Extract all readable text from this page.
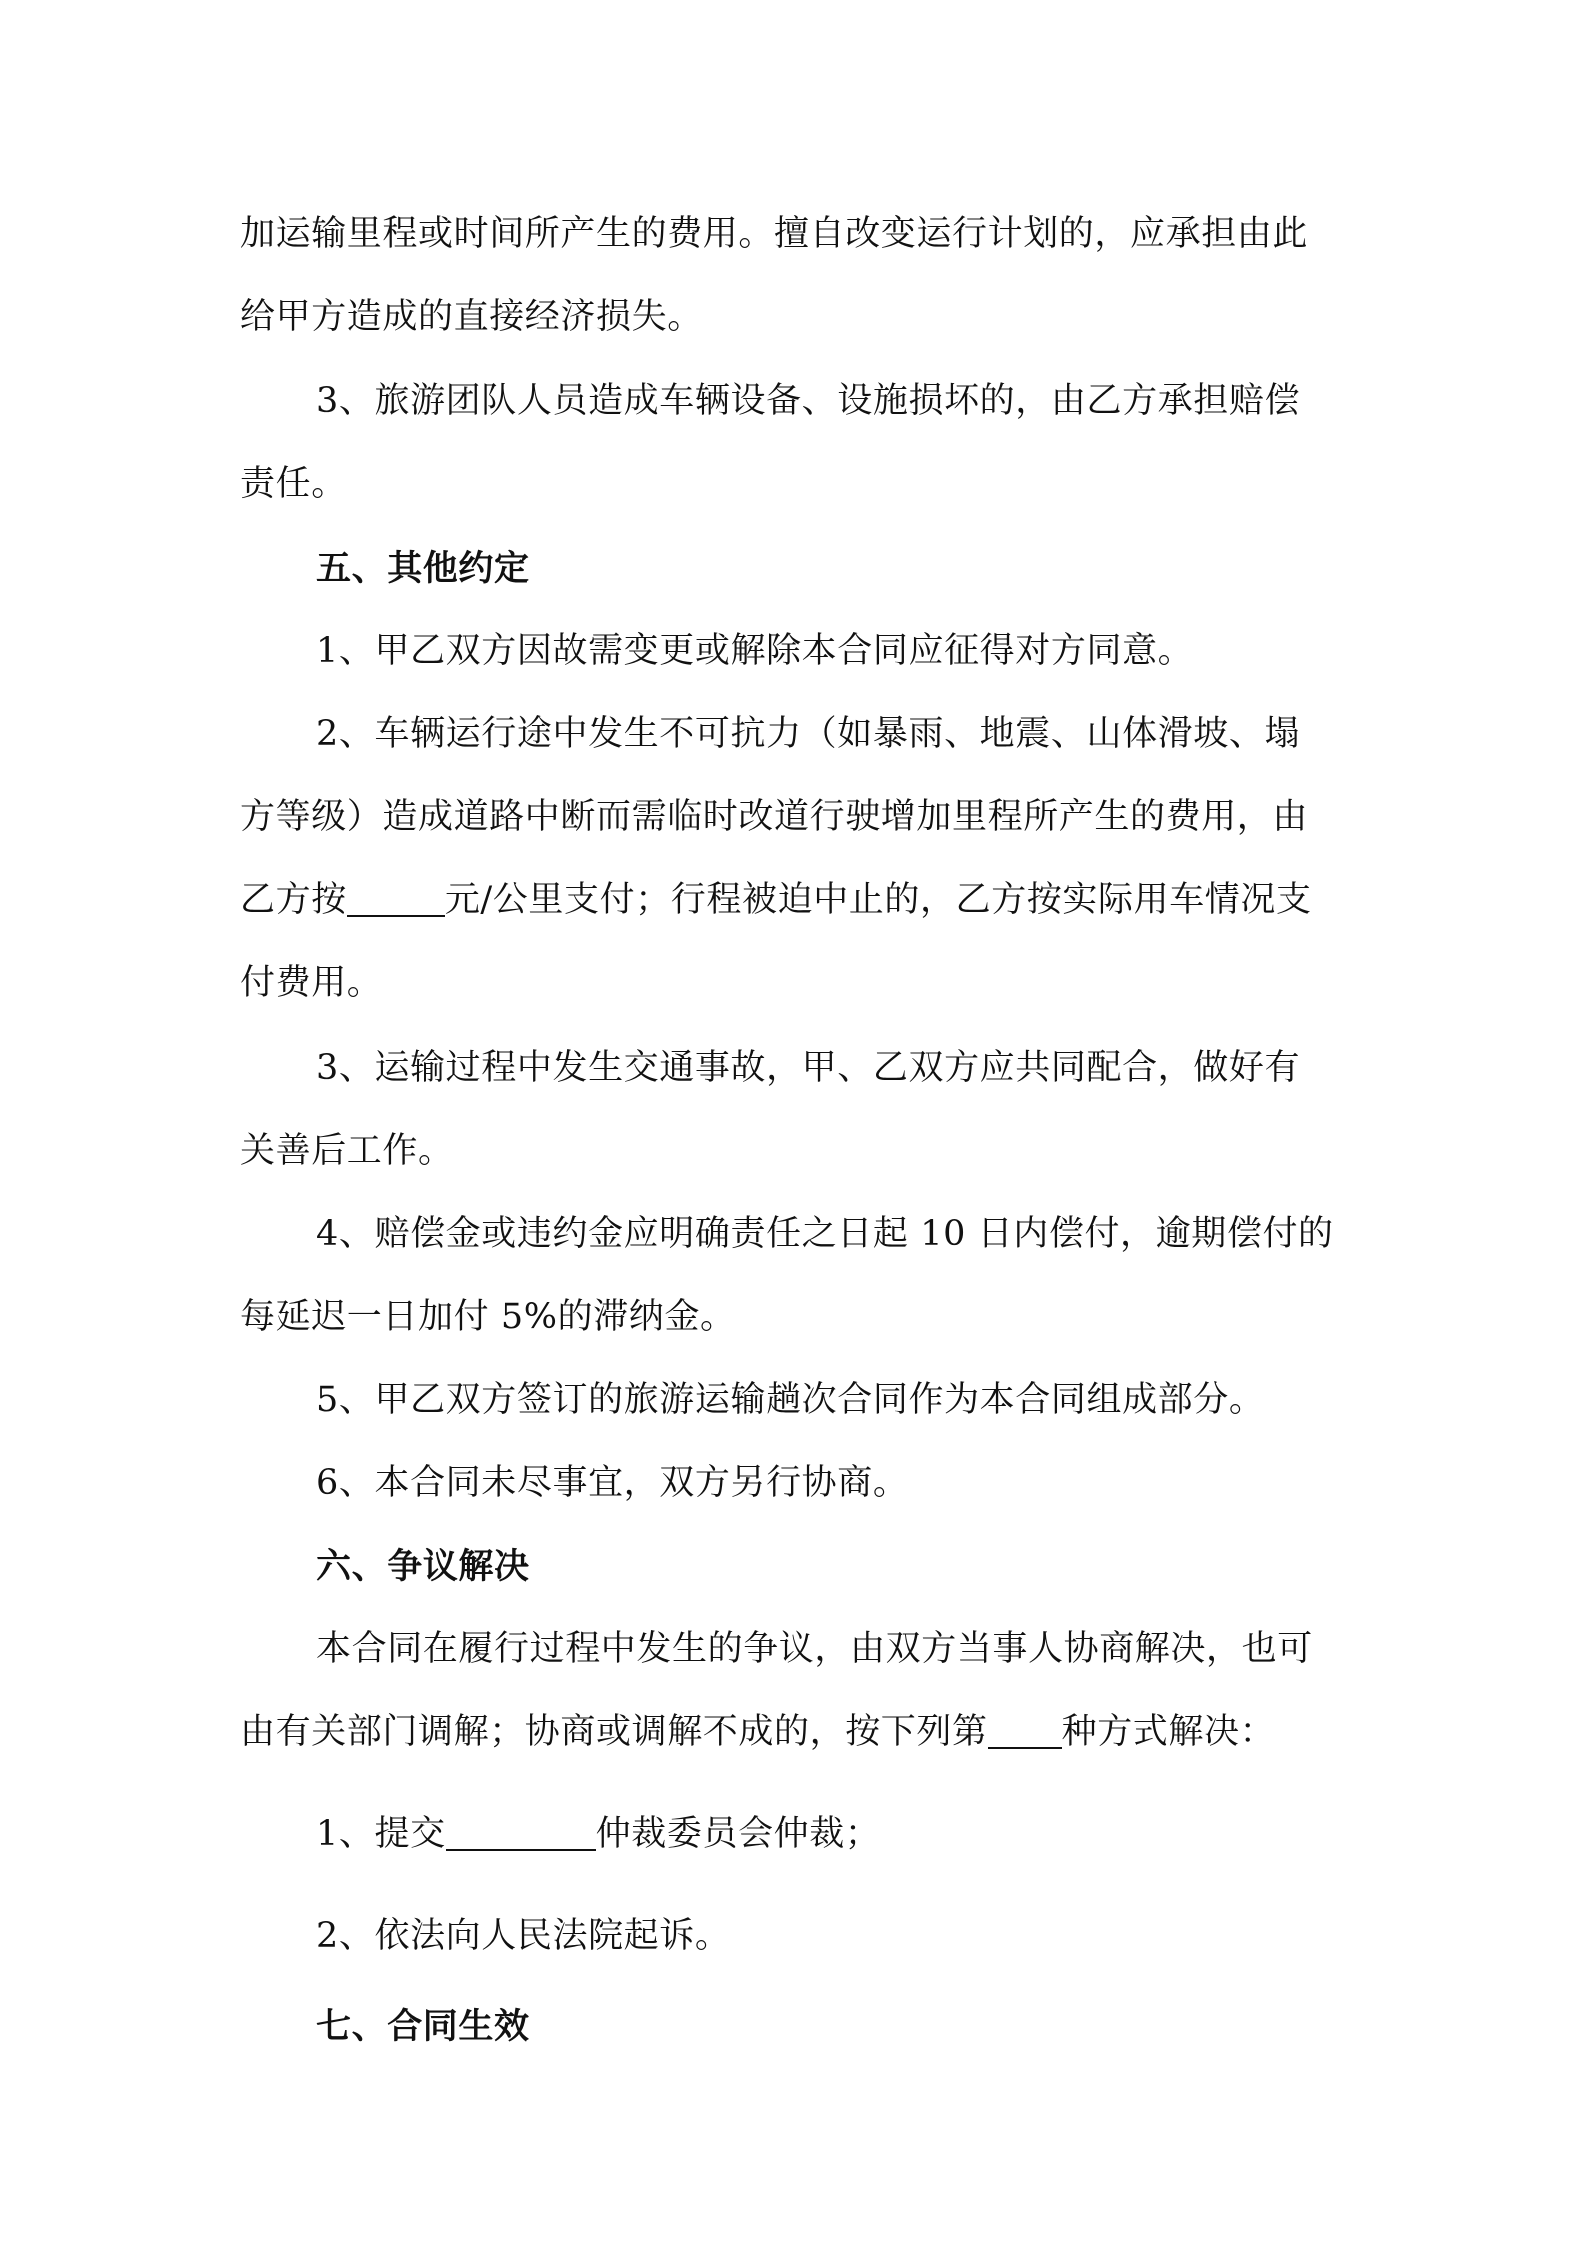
加运输里程或时间所产生的费用。擅自改变运行计划的，应承担由此
给甲方造成的直接经济损失。
3、旅游团队人员造成车辆设备、设施损坏的，由乙方承担赔偿
责任。
五、其他约定
1、甲乙双方因故需变更或解除本合同应征得对方同意。
2、车辆运行途中发生不可抗力（如暴雨、地震、山体滑坡、塌
方等级）造成道路中断而需临时改道行驶增加里程所产生的费用，由
乙方按	元/公里支付；行程被迫中止的，乙方按实际用车情况支
付费用。
3、运输过程中发生交通事故，甲、乙双方应共同配合，做好有
关善后工作。
4、赔偿金或违约金应明确责任之日起 10 日内偿付，逾期偿付的
每延迟一日加付 5%的滞纳金。
5、甲乙双方签订的旅游运输趟次合同作为本合同组成部分。
6、本合同未尽事宜，双方另行协商。
六、争议解决
本合同在履行过程中发生的争议，由双方当事人协商解决，也可
由有关部门调解；协商或调解不成的，按下列第 种方式解决：
1、提交	仲裁委员会仲裁；
2、依法向人民法院起诉。
七、合同生效
